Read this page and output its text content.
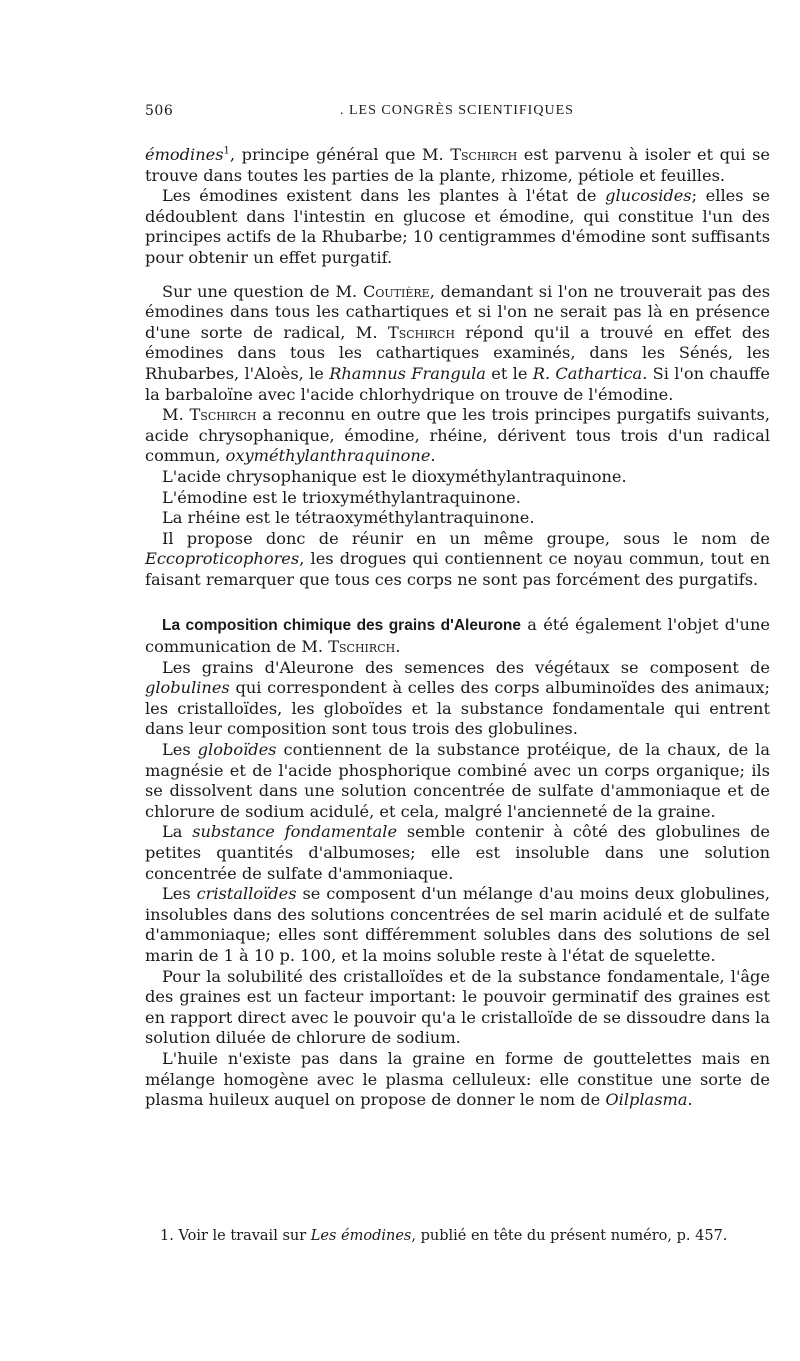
506	. LES CONGRÈS SCIENTIFIQUES

émodines$^1$, principe général que M. Tschirch est parvenu à isoler et qui se trouve dans toutes les parties de la plante, rhizome, pétiole et feuilles.

Les émodines existent dans les plantes à l'état de glucosides; elles se dédoublent dans l'intestin en glucose et émodine, qui constitue l'un des principes actifs de la Rhubarbe; 10 centigrammes d'émodine sont suffisants pour obtenir un effet purgatif.

Sur une question de M. Coutière, demandant si l'on ne trouverait pas des émodines dans tous les cathartiques et si l'on ne serait pas là en présence d'une sorte de radical, M. Tschirch répond qu'il a trouvé en effet des émodines dans tous les cathartiques examinés, dans les Sénés, les Rhubarbes, l'Aloès, le Rhamnus Frangula et le R. Cathartica. Si l'on chauffe la barbaloïne avec l'acide chlorhydrique on trouve de l'émodine.

M. Tschirch a reconnu en outre que les trois principes purgatifs suivants, acide chrysophanique, émodine, rhéine, dérivent tous trois d'un radical commun, oxyméthylanthraquinone.

L'acide chrysophanique est le dioxyméthylantraquinone.

L'émodine est le trioxyméthylantraquinone.

La rhéine est le tétraoxyméthylantraquinone.

Il propose donc de réunir en un même groupe, sous le nom de Eccoproticophores, les drogues qui contiennent ce noyau commun, tout en faisant remarquer que tous ces corps ne sont pas forcément des purgatifs.

La composition chimique des grains d'Aleurone a été également l'objet d'une communication de M. Tschirch.

Les grains d'Aleurone des semences des végétaux se composent de globulines qui correspondent à celles des corps albuminoïdes des animaux; les cristalloïdes, les globoïdes et la substance fondamentale qui entrent dans leur composition sont tous trois des globulines.

Les globoïdes contiennent de la substance protéique, de la chaux, de la magnésie et de l'acide phosphorique combiné avec un corps organique; ils se dissolvent dans une solution concentrée de sulfate d'ammoniaque et de chlorure de sodium acidulé, et cela, malgré l'ancienneté de la graine.

La substance fondamentale semble contenir à côté des globulines de petites quantités d'albumoses; elle est insoluble dans une solution concentrée de sulfate d'ammoniaque.

Les cristalloïdes se composent d'un mélange d'au moins deux globulines, insolubles dans des solutions concentrées de sel marin acidulé et de sulfate d'ammoniaque; elles sont différemment solubles dans des solutions de sel marin de 1 à 10 p. 100, et la moins soluble reste à l'état de squelette.

Pour la solubilité des cristalloïdes et de la substance fondamentale, l'âge des graines est un facteur important: le pouvoir germinatif des graines est en rapport direct avec le pouvoir qu'a le cristalloïde de se dissoudre dans la solution diluée de chlorure de sodium.

L'huile n'existe pas dans la graine en forme de gouttelettes mais en mélange homogène avec le plasma celluleux: elle constitue une sorte de plasma huileux auquel on propose de donner le nom de Oilplasma.

1. Voir le travail sur Les émodines, publié en tête du présent numéro, p. 457.
